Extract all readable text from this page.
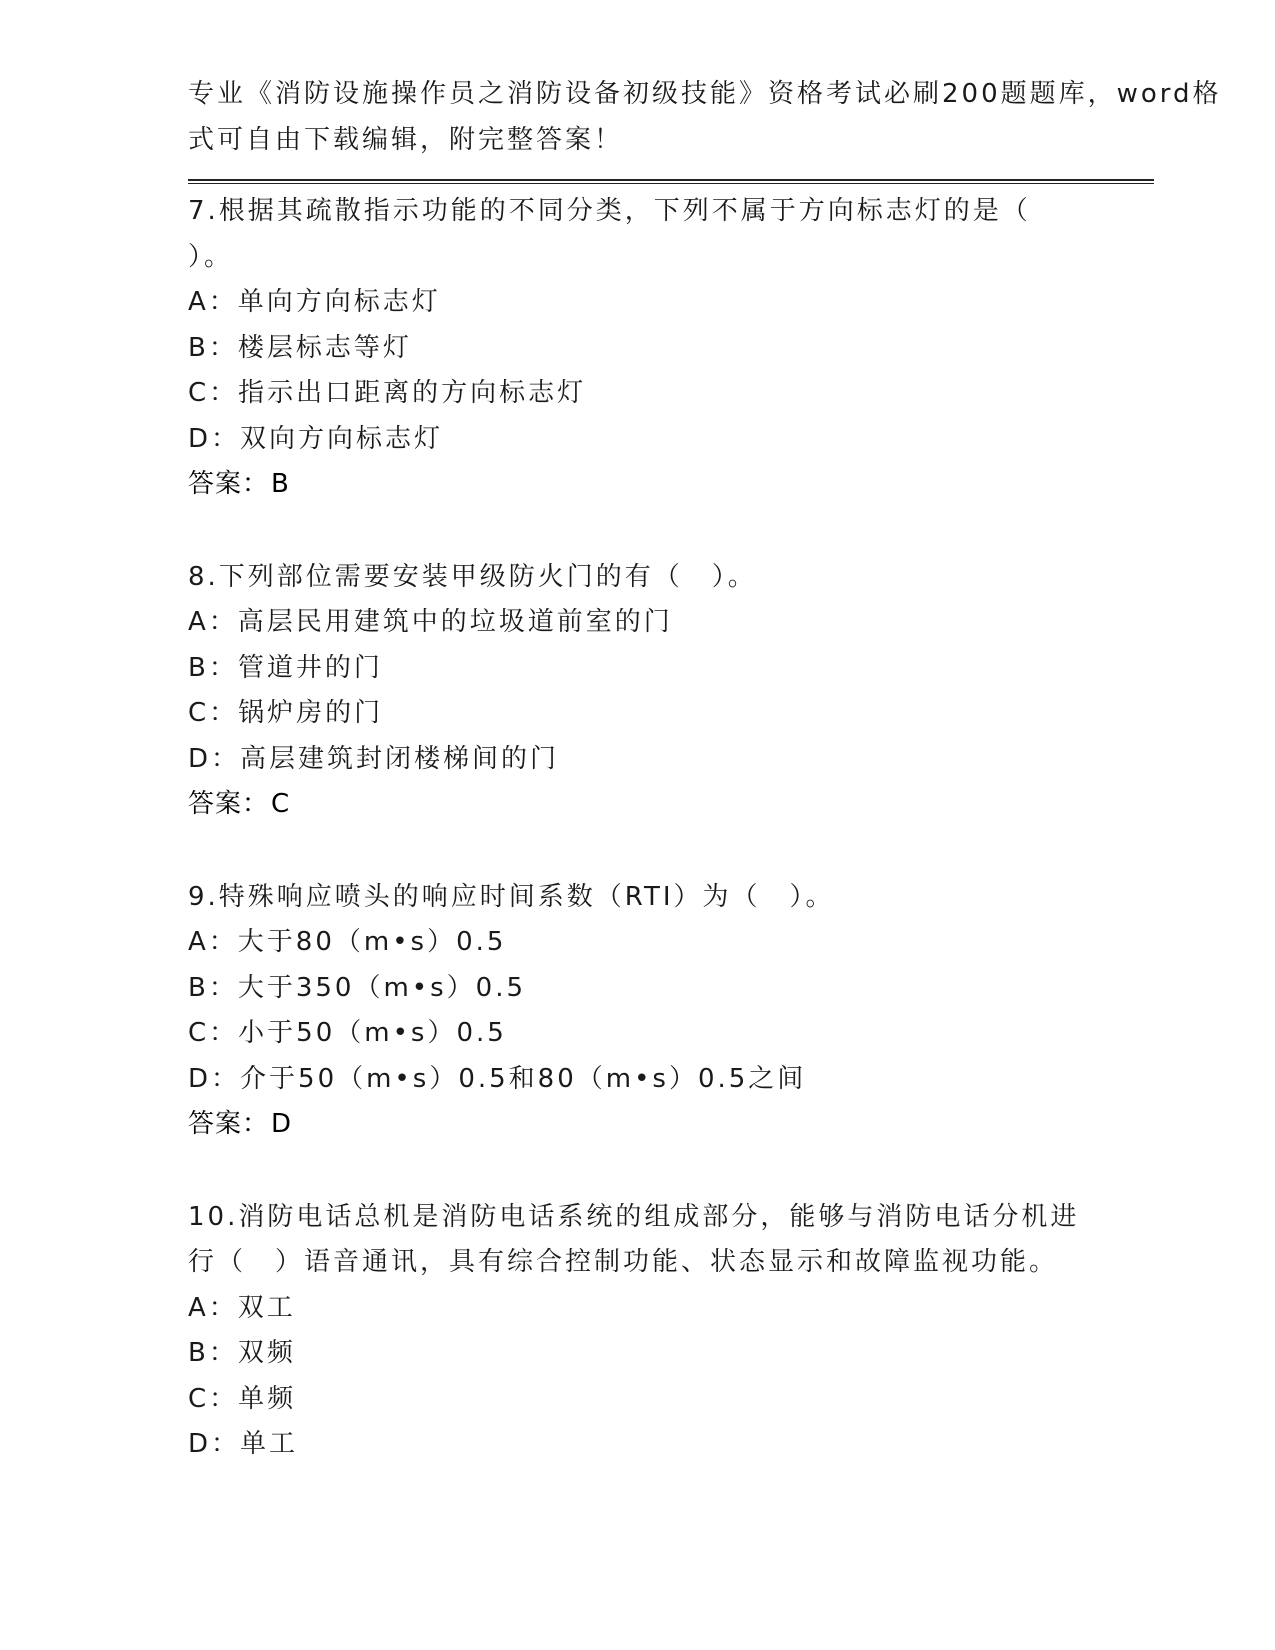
专业《消防设施操作员之消防设备初级技能》资格考试必刷200题题库，word格
式可自由下载编辑，附完整答案！
7.根据其疏散指示功能的不同分类，下列不属于方向标志灯的是（
）。
A：单向方向标志灯
B：楼层标志等灯
C：指示出口距离的方向标志灯
D：双向方向标志灯
答案：B
8.下列部位需要安装甲级防火门的有（　）。
A：高层民用建筑中的垃圾道前室的门
B：管道井的门
C：锅炉房的门
D：高层建筑封闭楼梯间的门
答案：C
9.特殊响应喷头的响应时间系数（RTI）为（　）。
A：大于80（m•s）0.5
B：大于350（m•s）0.5
C：小于50（m•s）0.5
D：介于50（m•s）0.5和80（m•s）0.5之间
答案：D
10.消防电话总机是消防电话系统的组成部分，能够与消防电话分机进
行（　）语音通讯，具有综合控制功能、状态显示和故障监视功能。
A：双工
B：双频
C：单频
D：单工
